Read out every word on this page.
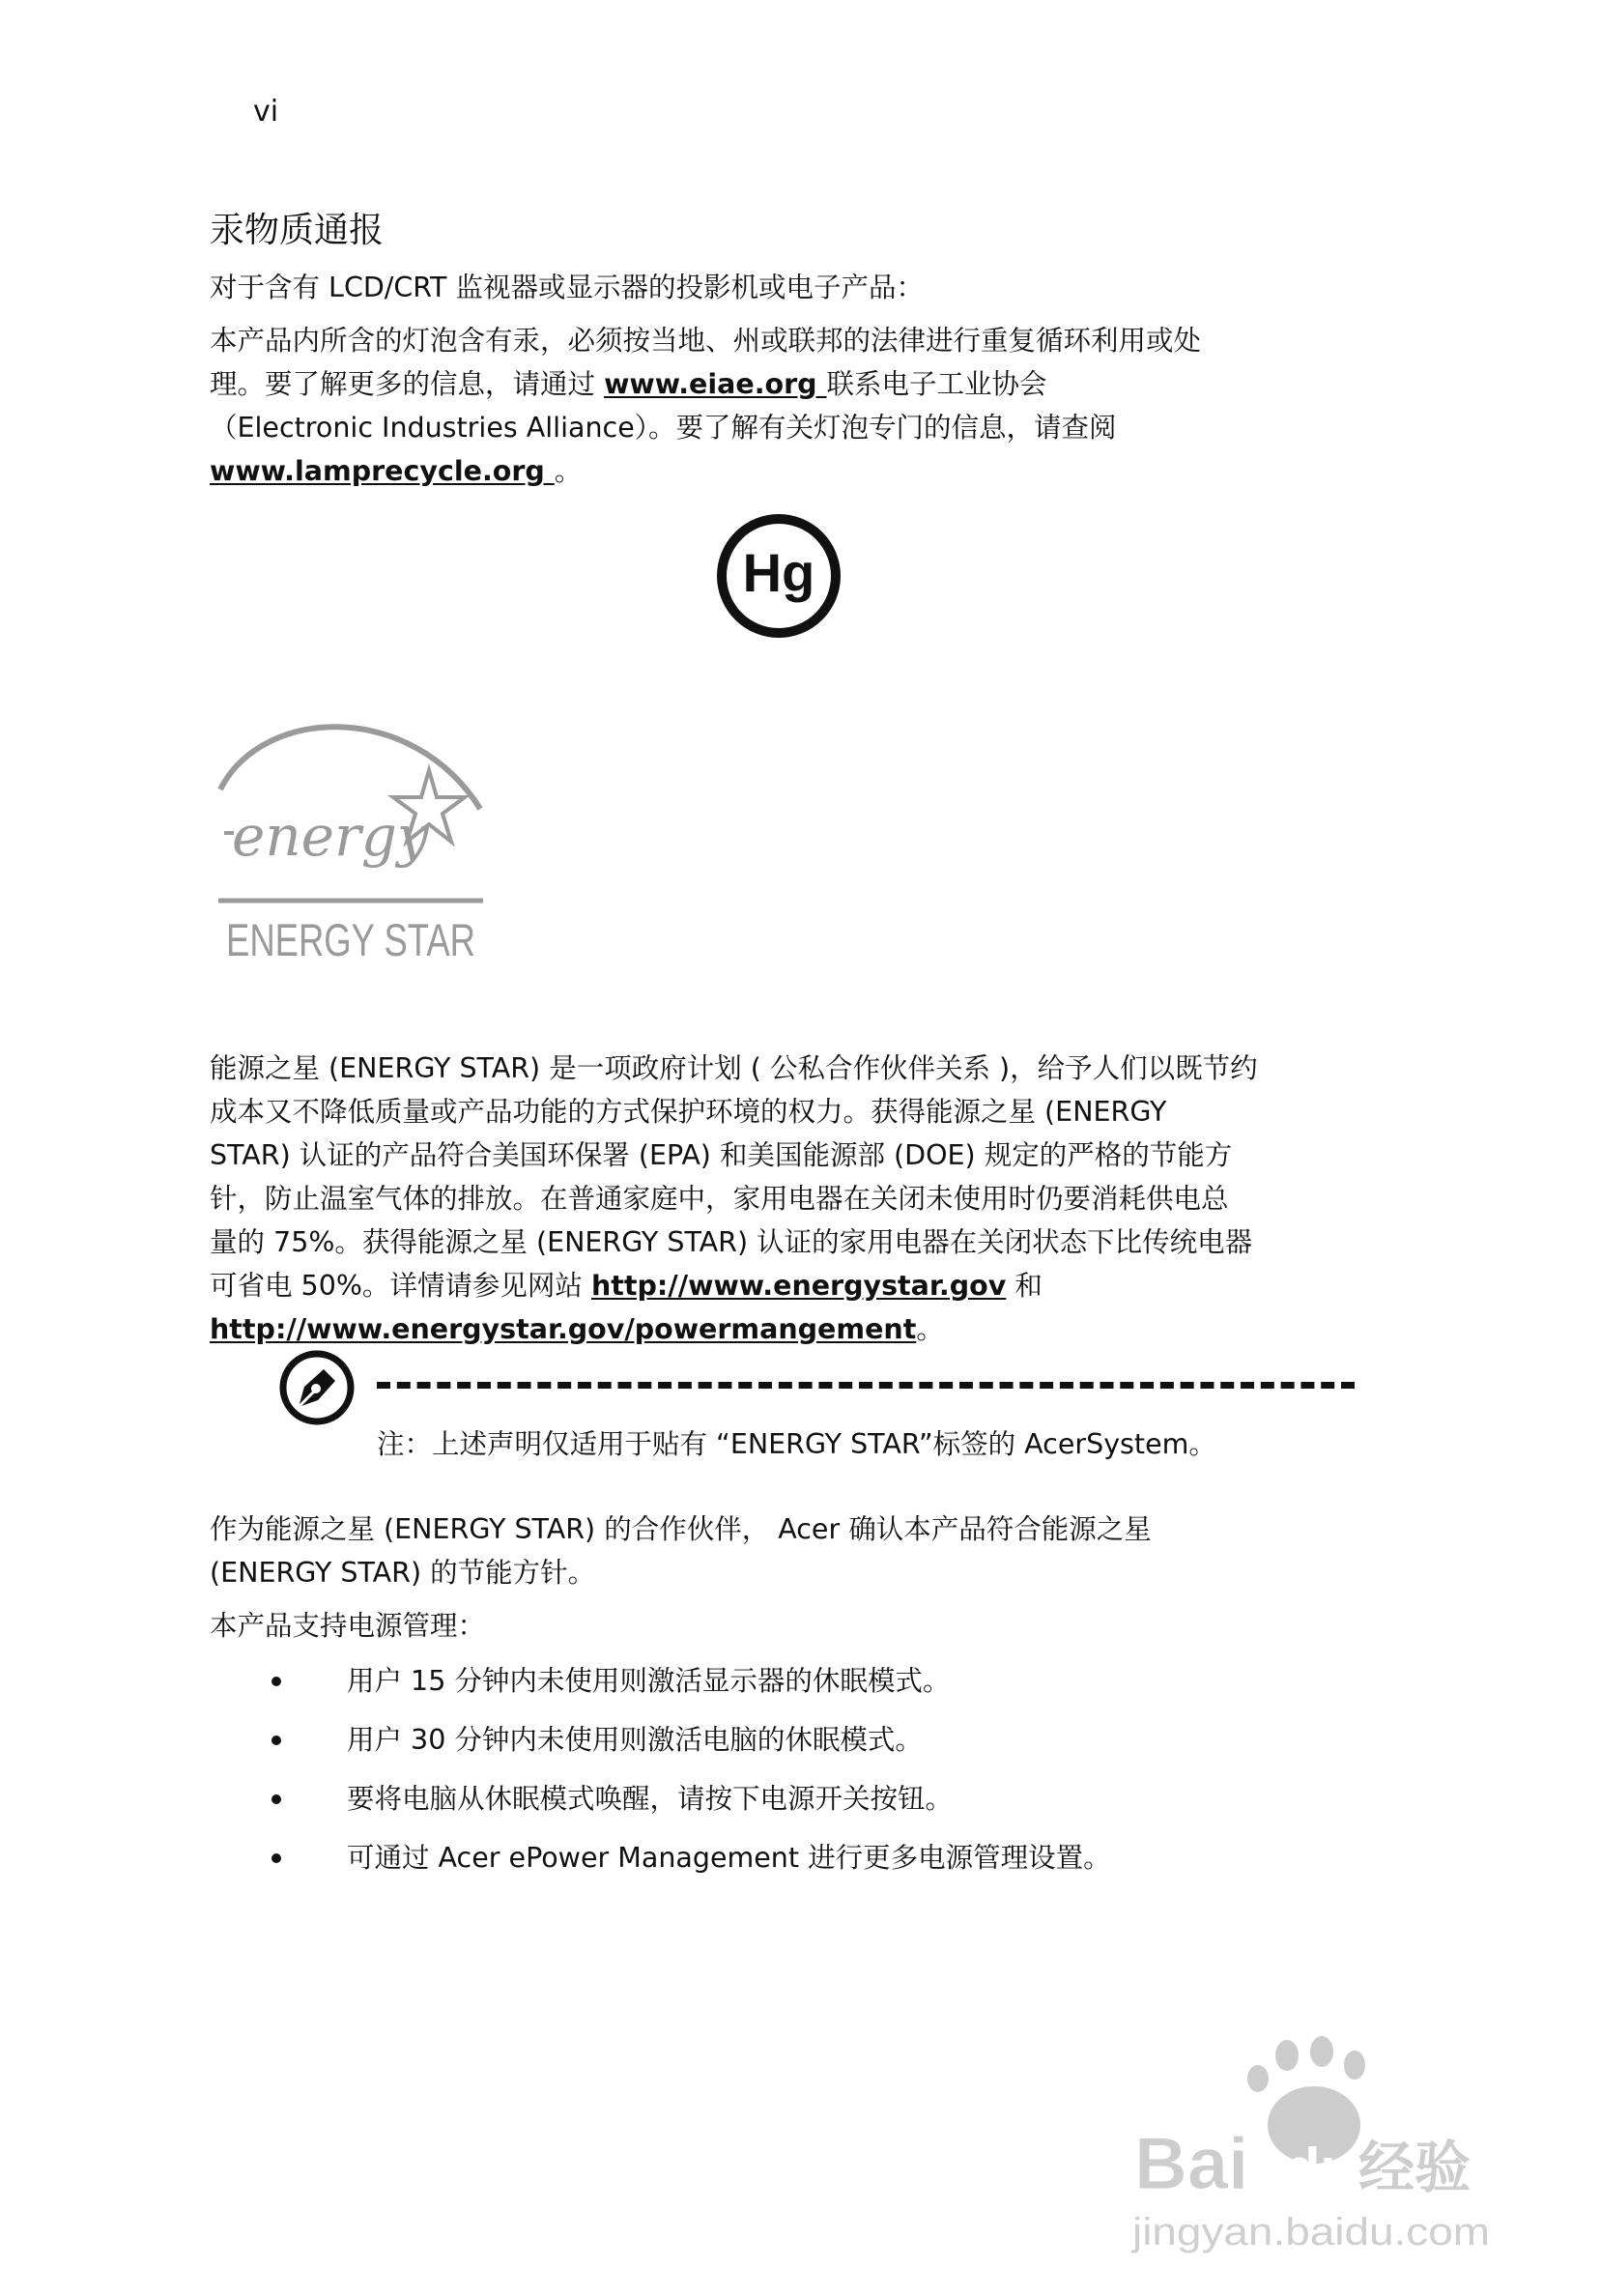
vi
汞物质通报

对于含有 LCD/CRT 监视器或显示器的投影机或电子产品：

本产品内所含的灯泡含有汞，必须按当地、州或联邦的法律进行重复循环利用或处
理。要了解更多的信息，请通过 www.eiae.org 联系电子工业协会
（Electronic Industries Alliance）。要了解有关灯泡专门的信息，请查阅
www.lamprecycle.org 。

Hg
energy
ENERGY STAR

能源之星 (ENERGY STAR) 是一项政府计划 ( 公私合作伙伴关系 )，给予人们以既节约
成本又不降低质量或产品功能的方式保护环境的权力。获得能源之星 (ENERGY
STAR) 认证的产品符合美国环保署 (EPA) 和美国能源部 (DOE) 规定的严格的节能方
针，防止温室气体的排放。在普通家庭中，家用电器在关闭未使用时仍要消耗供电总
量的 75%。获得能源之星 (ENERGY STAR) 认证的家用电器在关闭状态下比传统电器
可省电 50%。详情请参见网站 http://www.energystar.gov 和
http://www.energystar.gov/powermangement。

注：上述声明仅适用于贴有 “ENERGY STAR”标签的 AcerSystem。

作为能源之星 (ENERGY STAR) 的合作伙伴， Acer 确认本产品符合能源之星
(ENERGY STAR) 的节能方针。

本产品支持电源管理：

用户 15 分钟内未使用则激活显示器的休眠模式。
用户 30 分钟内未使用则激活电脑的休眠模式。
要将电脑从休眠模式唤醒，请按下电源开关按钮。
可通过 Acer ePower Management 进行更多电源管理设置。
Bai du 经验
jingyan.baidu.com
